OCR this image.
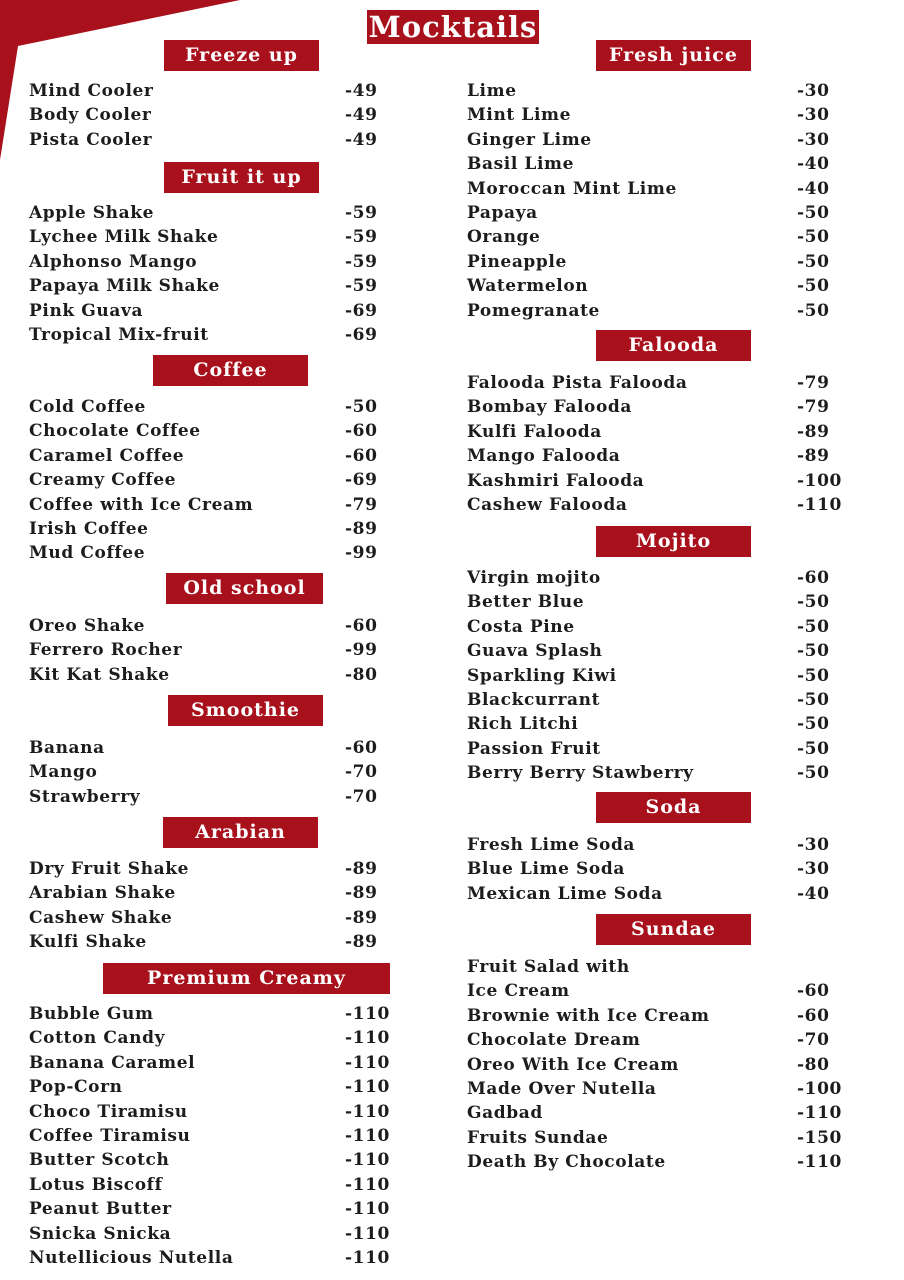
Mocktails
Freeze up
Mind Cooler	-49
Body Cooler	-49
Pista Cooler	-49
Fruit it up
Apple Shake	-59
Lychee Milk Shake	-59
Alphonso Mango	-59
Papaya Milk Shake	-59
Pink Guava	-69
Tropical Mix-fruit	-69
Coffee
Cold Coffee	-50
Chocolate Coffee	-60
Caramel Coffee	-60
Creamy Coffee	-69
Coffee with Ice Cream	-79
Irish Coffee	-89
Mud Coffee	-99
Old school
Oreo Shake	-60
Ferrero Rocher	-99
Kit Kat Shake	-80
Smoothie
Banana	-60
Mango	-70
Strawberry	-70
Arabian
Dry Fruit Shake	-89
Arabian Shake	-89
Cashew Shake	-89
Kulfi Shake	-89
Premium Creamy Shakes
Bubble Gum	-110
Cotton Candy	-110
Banana Caramel	-110
Pop-Corn	-110
Choco Tiramisu	-110
Coffee Tiramisu	-110
Butter Scotch	-110
Lotus Biscoff	-110
Peanut Butter	-110
Snicka Snicka	-110
Nutellicious Nutella	-110
Fresh juice
Lime	-30
Mint Lime	-30
Ginger Lime	-30
Basil Lime	-40
Moroccan Mint Lime	-40
Papaya	-50
Orange	-50
Pineapple	-50
Watermelon	-50
Pomegranate	-50
Falooda
Falooda Pista Falooda	-79
Bombay Falooda	-79
Kulfi Falooda	-89
Mango Falooda	-89
Kashmiri Falooda	-100
Cashew Falooda	-110
Mojito
Virgin mojito	-60
Better Blue	-50
Costa Pine	-50
Guava Splash	-50
Sparkling Kiwi	-50
Blackcurrant	-50
Rich Litchi	-50
Passion Fruit	-50
Berry Berry Stawberry	-50
Soda
Fresh Lime Soda	-30
Blue Lime Soda	-30
Mexican Lime Soda	-40
Sundae
Fruit Salad with
Ice Cream	-60
Brownie with Ice Cream	-60
Chocolate Dream	-70
Oreo With Ice Cream	-80
Made Over Nutella	-100
Gadbad	-110
Fruits Sundae	-150
Death By Chocolate	-110
